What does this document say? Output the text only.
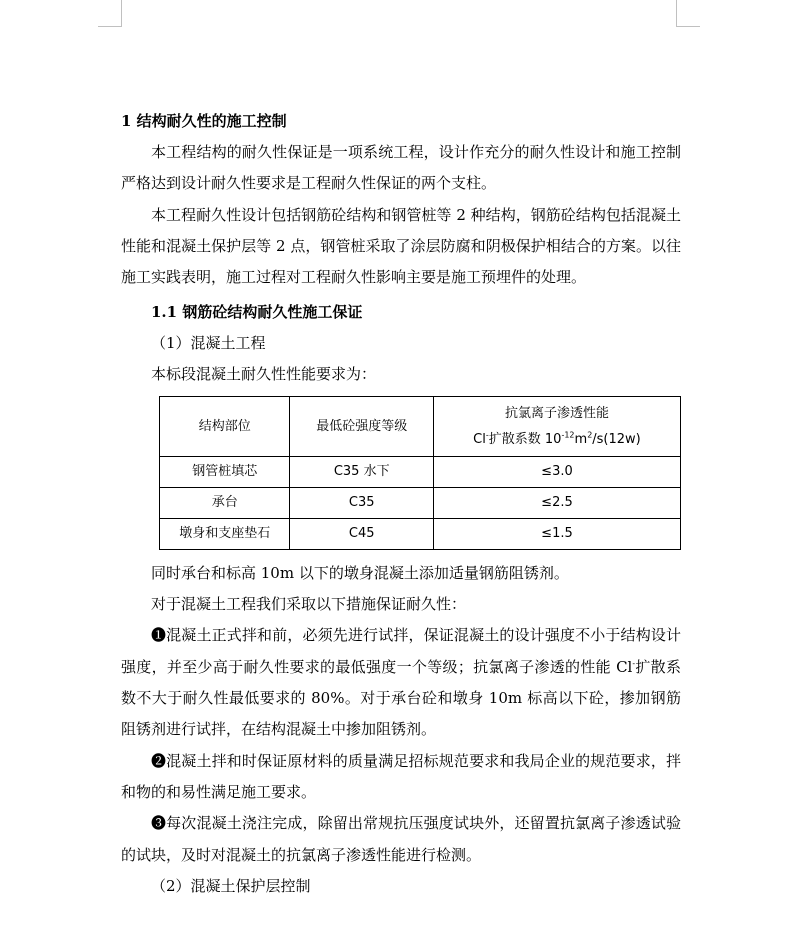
1 结构耐久性的施工控制

本工程结构的耐久性保证是一项系统工程，设计作充分的耐久性设计和施工控制严格达到设计耐久性要求是工程耐久性保证的两个支柱。

本工程耐久性设计包括钢筋砼结构和钢管桩等 2 种结构，钢筋砼结构包括混凝土性能和混凝土保护层等 2 点，钢管桩采取了涂层防腐和阴极保护相结合的方案。以往施工实践表明，施工过程对工程耐久性影响主要是施工预埋件的处理。

1.1 钢筋砼结构耐久性施工保证
（1）混凝土工程
本标段混凝土耐久性性能要求为：
结构部位	最低砼强度等级	抗氯离子渗透性能
Cl-扩散系数 $10^{-12}m^2/s(12w)$

钢管桩填芯	C35 水下	≤3.0
承台	C35	≤2.5
墩身和支座垫石	C45	≤1.5
同时承台和标高 10m 以下的墩身混凝土添加适量钢筋阻锈剂。
对于混凝土工程我们采取以下措施保证耐久性：

❶混凝土正式拌和前，必须先进行试拌，保证混凝土的设计强度不小于结构设计强度，并至少高于耐久性要求的最低强度一个等级；抗氯离子渗透的性能 Cl-扩散系数不大于耐久性最低要求的 80%。对于承台砼和墩身 10m 标高以下砼，掺加钢筋阻锈剂进行试拌，在结构混凝土中掺加阻锈剂。

❷混凝土拌和时保证原材料的质量满足招标规范要求和我局企业的规范要求，拌和物的和易性满足施工要求。

❸每次混凝土浇注完成，除留出常规抗压强度试块外，还留置抗氯离子渗透试验的试块，及时对混凝土的抗氯离子渗透性能进行检测。

（2）混凝土保护层控制
